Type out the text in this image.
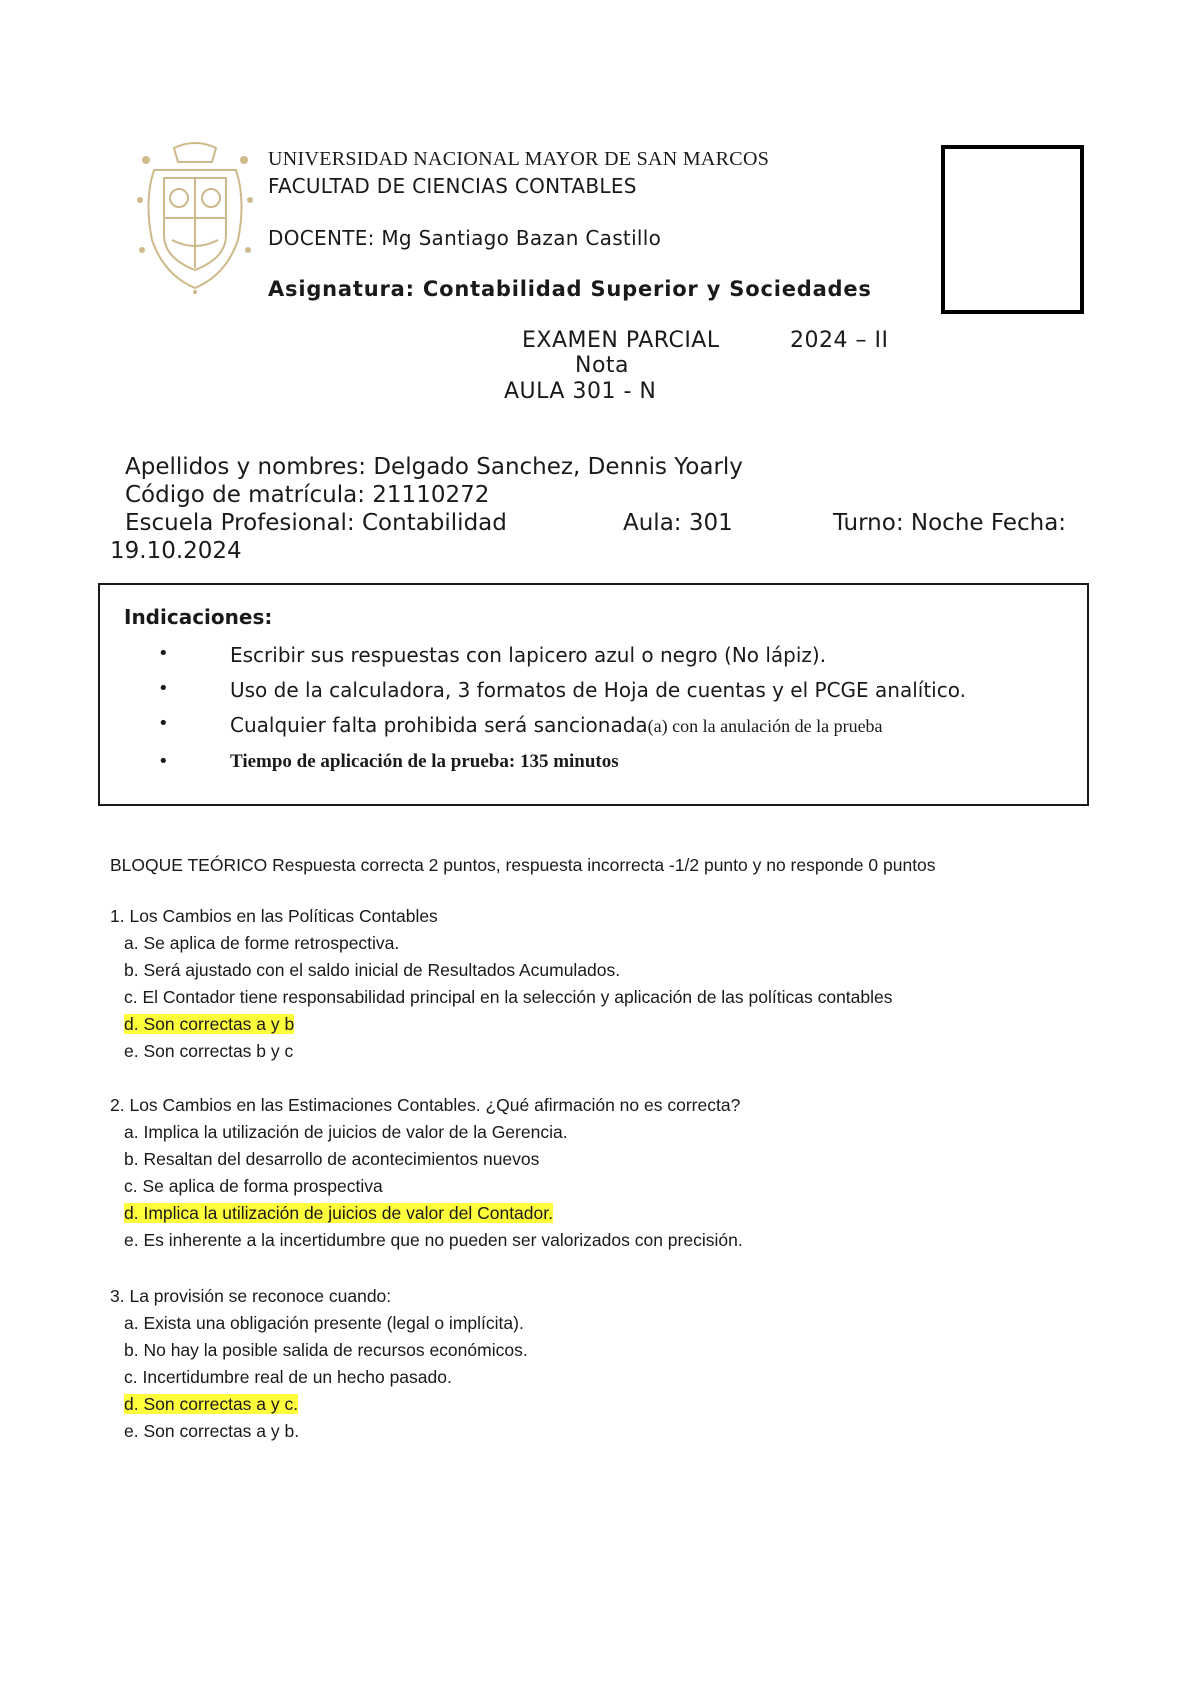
UNIVERSIDAD NACIONAL MAYOR DE SAN MARCOS
FACULTAD DE CIENCIAS CONTABLES
DOCENTE: Mg Santiago Bazan Castillo
Asignatura: Contabilidad Superior y Sociedades
EXAMEN PARCIAL	2024 – II
Nota
AULA 301 - N
Apellidos y nombres: Delgado Sanchez, Dennis Yoarly
Código de matrícula: 21110272
Escuela Profesional: Contabilidad	Aula: 301	Turno: Noche Fecha:
19.10.2024
Indicaciones:
•	Escribir sus respuestas con lapicero azul o negro (No lápiz).
•	Uso de la calculadora, 3 formatos de Hoja de cuentas y el PCGE analítico.
•	Cualquier falta prohibida será sancionada(a) con la anulación de la prueba
•	Tiempo de aplicación de la prueba: 135 minutos
BLOQUE TEÓRICO Respuesta correcta 2 puntos, respuesta incorrecta -1/2 punto y no responde 0 puntos
1. Los Cambios en las Políticas Contables
a. Se aplica de forme retrospectiva.
b. Será ajustado con el saldo inicial de Resultados Acumulados.
c. El Contador tiene responsabilidad principal en la selección y aplicación de las políticas contables
d. Son correctas a y b
e. Son correctas b y c
2. Los Cambios en las Estimaciones Contables. ¿Qué afirmación no es correcta?
a. Implica la utilización de juicios de valor de la Gerencia.
b. Resaltan del desarrollo de acontecimientos nuevos
c. Se aplica de forma prospectiva
d. Implica la utilización de juicios de valor del Contador.
e. Es inherente a la incertidumbre que no pueden ser valorizados con precisión.
3. La provisión se reconoce cuando:
a. Exista una obligación presente (legal o implícita).
b. No hay la posible salida de recursos económicos.
c. Incertidumbre real de un hecho pasado.
d. Son correctas a y c.
e. Son correctas a y b.
